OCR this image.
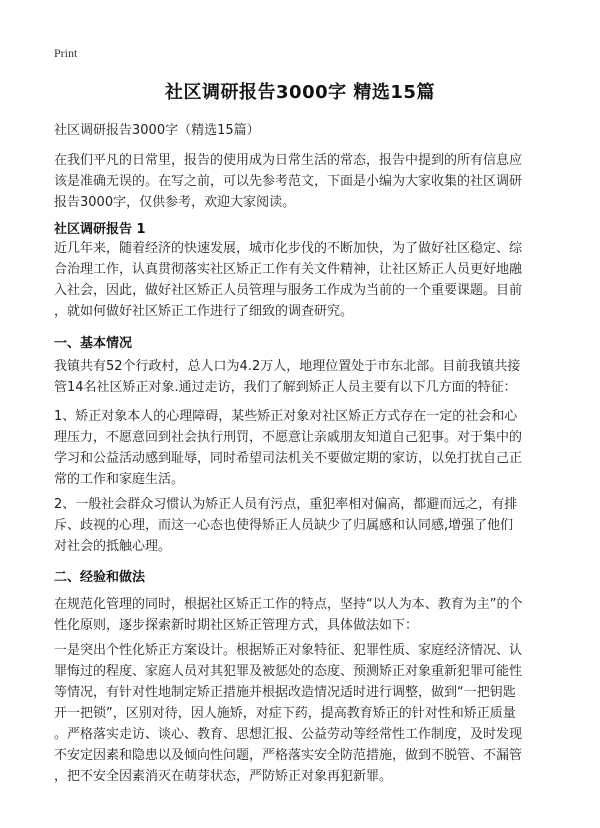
Print
社区调研报告3000字 精选15篇
社区调研报告3000字（精选15篇）
在我们平凡的日常里，报告的使用成为日常生活的常态，报告中提到的所有信息应
该是准确无误的。在写之前，可以先参考范文，下面是小编为大家收集的社区调研
报告3000字，仅供参考，欢迎大家阅读。
社区调研报告 1
近几年来，随着经济的快速发展，城市化步伐的不断加快，为了做好社区稳定、综
合治理工作，认真贯彻落实社区矫正工作有关文件精神，让社区矫正人员更好地融
入社会，因此，做好社区矫正人员管理与服务工作成为当前的一个重要课题。目前
，就如何做好社区矫正工作进行了细致的调查研究。
一、基本情况
我镇共有52个行政村，总人口为4.2万人，地理位置处于市东北部。目前我镇共接
管14名社区矫正对象.通过走访，我们了解到矫正人员主要有以下几方面的特征：
1、矫正对象本人的心理障碍，某些矫正对象对社区矫正方式存在一定的社会和心
理压力，不愿意回到社会执行刑罚，不愿意让亲戚朋友知道自己犯事。对于集中的
学习和公益活动感到耻辱，同时希望司法机关不要做定期的家访，以免打扰自己正
常的工作和家庭生活。
2、一般社会群众习惯认为矫正人员有污点，重犯率相对偏高，都避而远之，有排
斥、歧视的心理，而这一心态也使得矫正人员缺少了归属感和认同感,增强了他们
对社会的抵触心理。
二、经验和做法
在规范化管理的同时，根据社区矫正工作的特点，坚持“以人为本、教育为主”的个
性化原则，逐步探索新时期社区矫正管理方式，具体做法如下：
一是突出个性化矫正方案设计。根据矫正对象特征、犯罪性质、家庭经济情况、认
罪悔过的程度、家庭人员对其犯罪及被惩处的态度、预测矫正对象重新犯罪可能性
等情况，有针对性地制定矫正措施并根据改造情况适时进行调整，做到“一把钥匙
开一把锁”，区别对待，因人施矫，对症下药，提高教育矫正的针对性和矫正质量
。严格落实走访、谈心、教育、思想汇报、公益劳动等经常性工作制度，及时发现
不安定因素和隐患以及倾向性问题，严格落实安全防范措施，做到不脱管、不漏管
，把不安全因素消灭在萌芽状态，严防矫正对象再犯新罪。
